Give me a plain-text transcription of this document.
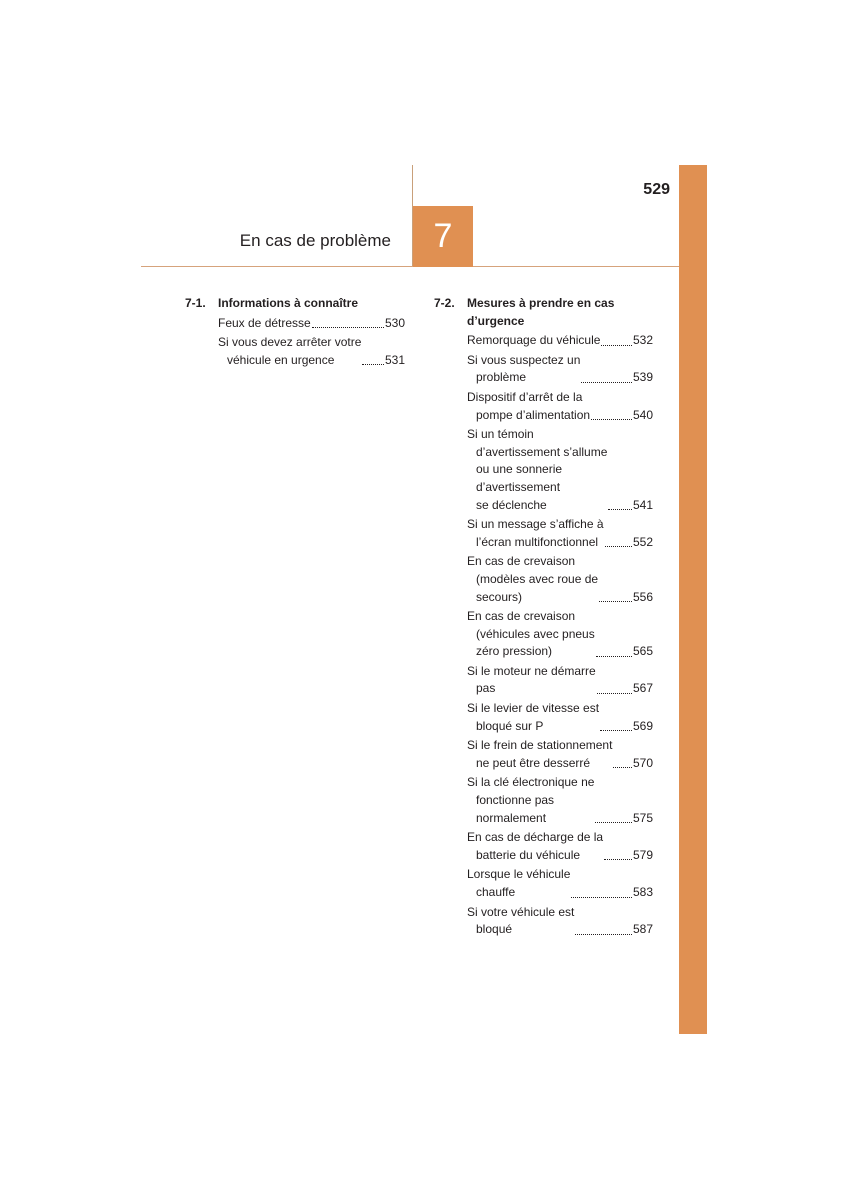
529
En cas de problème 7
7-1.	Informations à connaître
Feux de détresse	530
Si vous devez arrêter votre
véhicule en urgence	531
7-2.	Mesures à prendre en cas
d’urgence
Remorquage du véhicule	532
Si vous suspectez un
problème	539
Dispositif d’arrêt de la
pompe d’alimentation	540
Si un témoin
d’avertissement s’allume
ou une sonnerie
d’avertissement
se déclenche	541
Si un message s’affiche à
l’écran multifonctionnel	552
En cas de crevaison
(modèles avec roue de
secours)	556
En cas de crevaison
(véhicules avec pneus
zéro pression)	565
Si le moteur ne démarre
pas	567
Si le levier de vitesse est
bloqué sur P	569
Si le frein de stationnement
ne peut être desserré	570
Si la clé électronique ne
fonctionne pas
normalement	575
En cas de décharge de la
batterie du véhicule	579
Lorsque le véhicule
chauffe	583
Si votre véhicule est
bloqué	587
